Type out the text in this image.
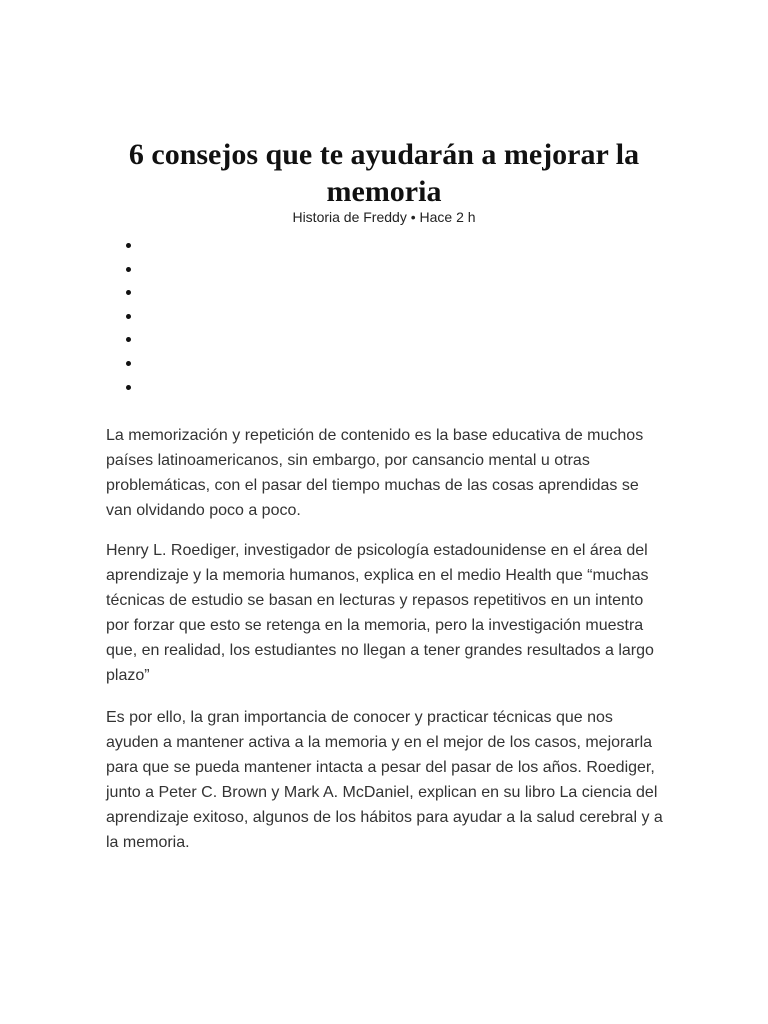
6 consejos que te ayudarán a mejorar la memoria
Historia de Freddy • Hace 2 h

La memorización y repetición de contenido es la base educativa de muchos países latinoamericanos, sin embargo, por cansancio mental u otras problemáticas, con el pasar del tiempo muchas de las cosas aprendidas se van olvidando poco a poco.

Henry L. Roediger, investigador de psicología estadounidense en el área del aprendizaje y la memoria humanos, explica en el medio Health que “muchas técnicas de estudio se basan en lecturas y repasos repetitivos en un intento por forzar que esto se retenga en la memoria, pero la investigación muestra que, en realidad, los estudiantes no llegan a tener grandes resultados a largo plazo”

Es por ello, la gran importancia de conocer y practicar técnicas que nos ayuden a mantener activa a la memoria y en el mejor de los casos, mejorarla para que se pueda mantener intacta a pesar del pasar de los años. Roediger, junto a Peter C. Brown y Mark A. McDaniel, explican en su libro La ciencia del aprendizaje exitoso, algunos de los hábitos para ayudar a la salud cerebral y a la memoria.
